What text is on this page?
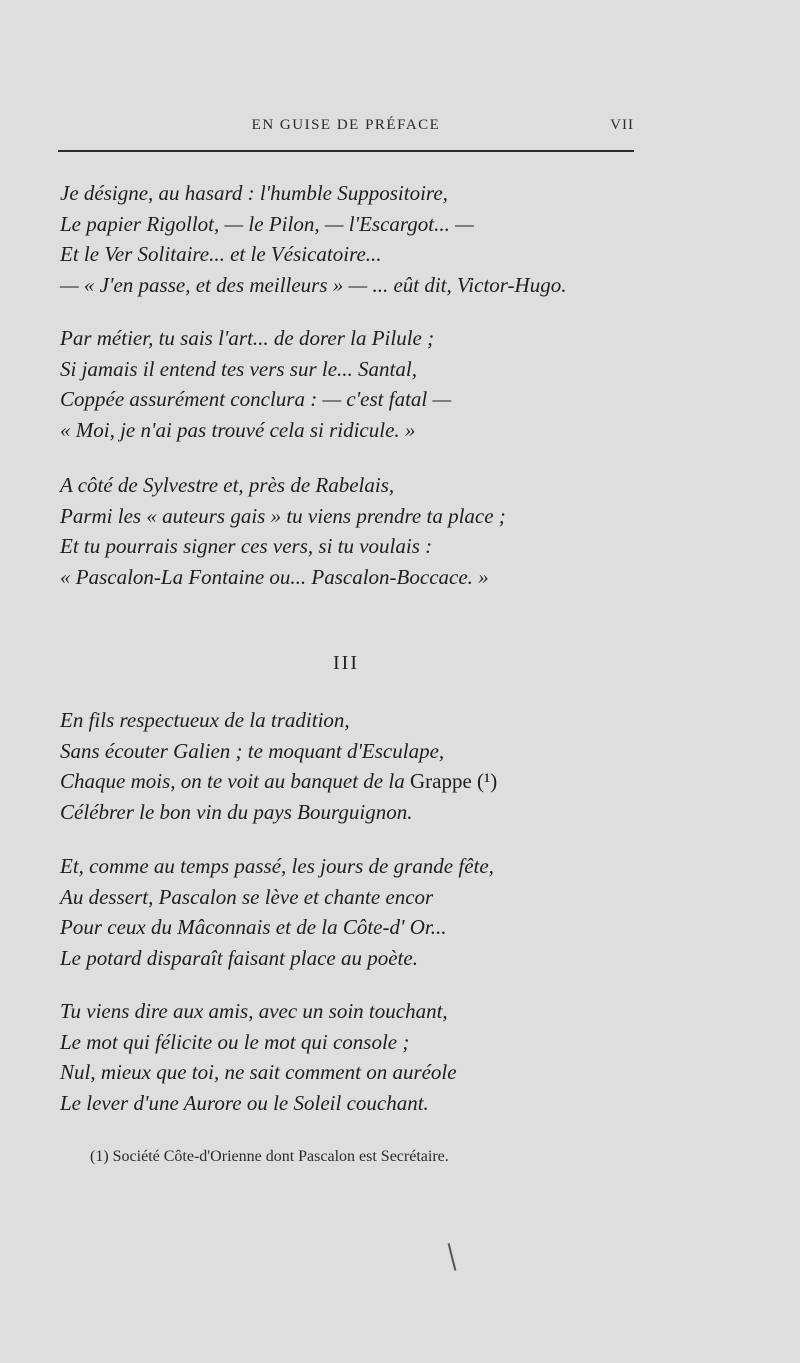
EN GUISE DE PRÉFACE	VII
Je désigne, au hasard : l'humble Suppositoire,
Le papier Rigollot, — le Pilon, — l'Escargot... —
Et le Ver Solitaire... et le Vésicatoire...
— « J'en passe, et des meilleurs » — ... eût dit, Victor-Hugo.
Par métier, tu sais l'art... de dorer la Pilule ;
Si jamais il entend tes vers sur le... Santal,
Coppée assurément conclura : — c'est fatal —
« Moi, je n'ai pas trouvé cela si ridicule. »
A côté de Sylvestre et, près de Rabelais,
Parmi les « auteurs gais » tu viens prendre ta place ;
Et tu pourrais signer ces vers, si tu voulais :
« Pascalon-La Fontaine ou... Pascalon-Boccace. »
III
En fils respectueux de la tradition,
Sans écouter Galien ; te moquant d'Esculape,
Chaque mois, on te voit au banquet de la Grappe (¹)
Célébrer le bon vin du pays Bourguignon.
Et, comme au temps passé, les jours de grande fête,
Au dessert, Pascalon se lève et chante encor
Pour ceux du Mâconnais et de la Côte-d' Or...
Le potard disparaît faisant place au poète.
Tu viens dire aux amis, avec un soin touchant,
Le mot qui félicite ou le mot qui console ;
Nul, mieux que toi, ne sait comment on auréole
Le lever d'une Aurore ou le Soleil couchant.
(1) Société Côte-d'Orienne dont Pascalon est Secrétaire.
